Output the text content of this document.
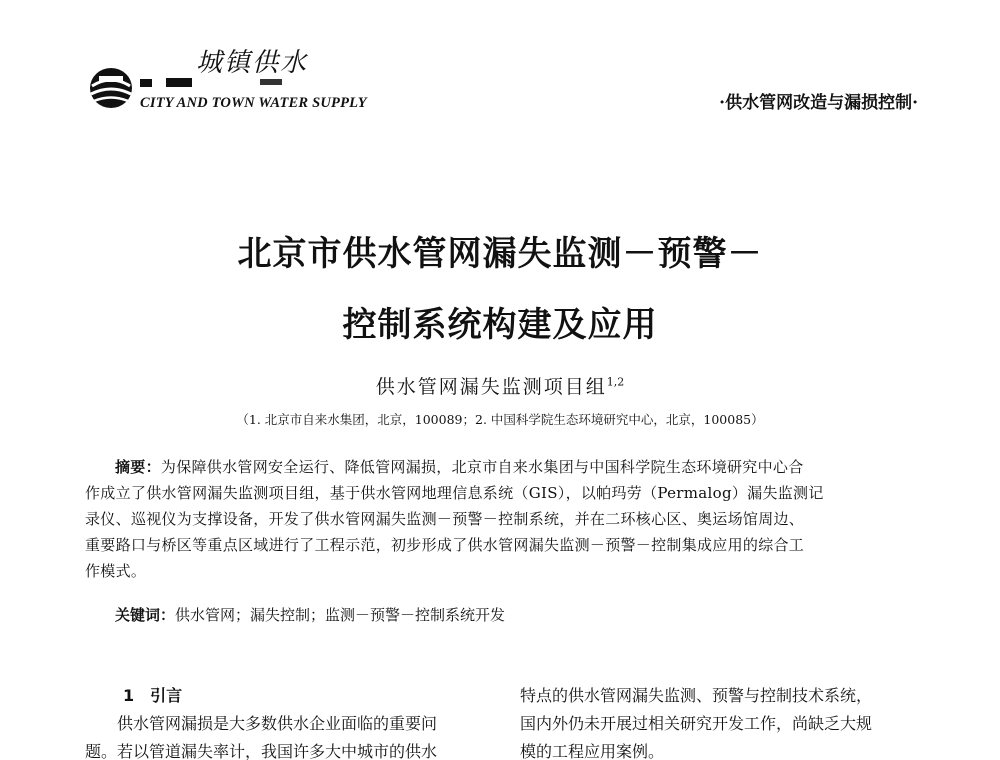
城镇供水
CITY AND TOWN WATER SUPPLY	·供水管网改造与漏损控制·
北京市供水管网漏失监测－预警－
控制系统构建及应用
供水管网漏失监测项目组$^{1,2}$
（1. 北京市自来水集团，北京，100089；2. 中国科学院生态环境研究中心，北京，100085）
摘要：为保障供水管网安全运行、降低管网漏损，北京市自来水集团与中国科学院生态环境研究中心合
作成立了供水管网漏失监测项目组，基于供水管网地理信息系统（GIS），以帕玛劳（Permalog）漏失监测记
录仪、巡视仪为支撑设备，开发了供水管网漏失监测－预警－控制系统，并在二环核心区、奥运场馆周边、
重要路口与桥区等重点区域进行了工程示范，初步形成了供水管网漏失监测－预警－控制集成应用的综合工
作模式。
关键词：供水管网；漏失控制；监测－预警－控制系统开发
1 引言
供水管网漏损是大多数供水企业面临的重要问
题。若以管道漏失率计，我国许多大中城市的供水
特点的供水管网漏失监测、预警与控制技术系统，
国内外仍未开展过相关研究开发工作，尚缺乏大规
模的工程应用案例。
